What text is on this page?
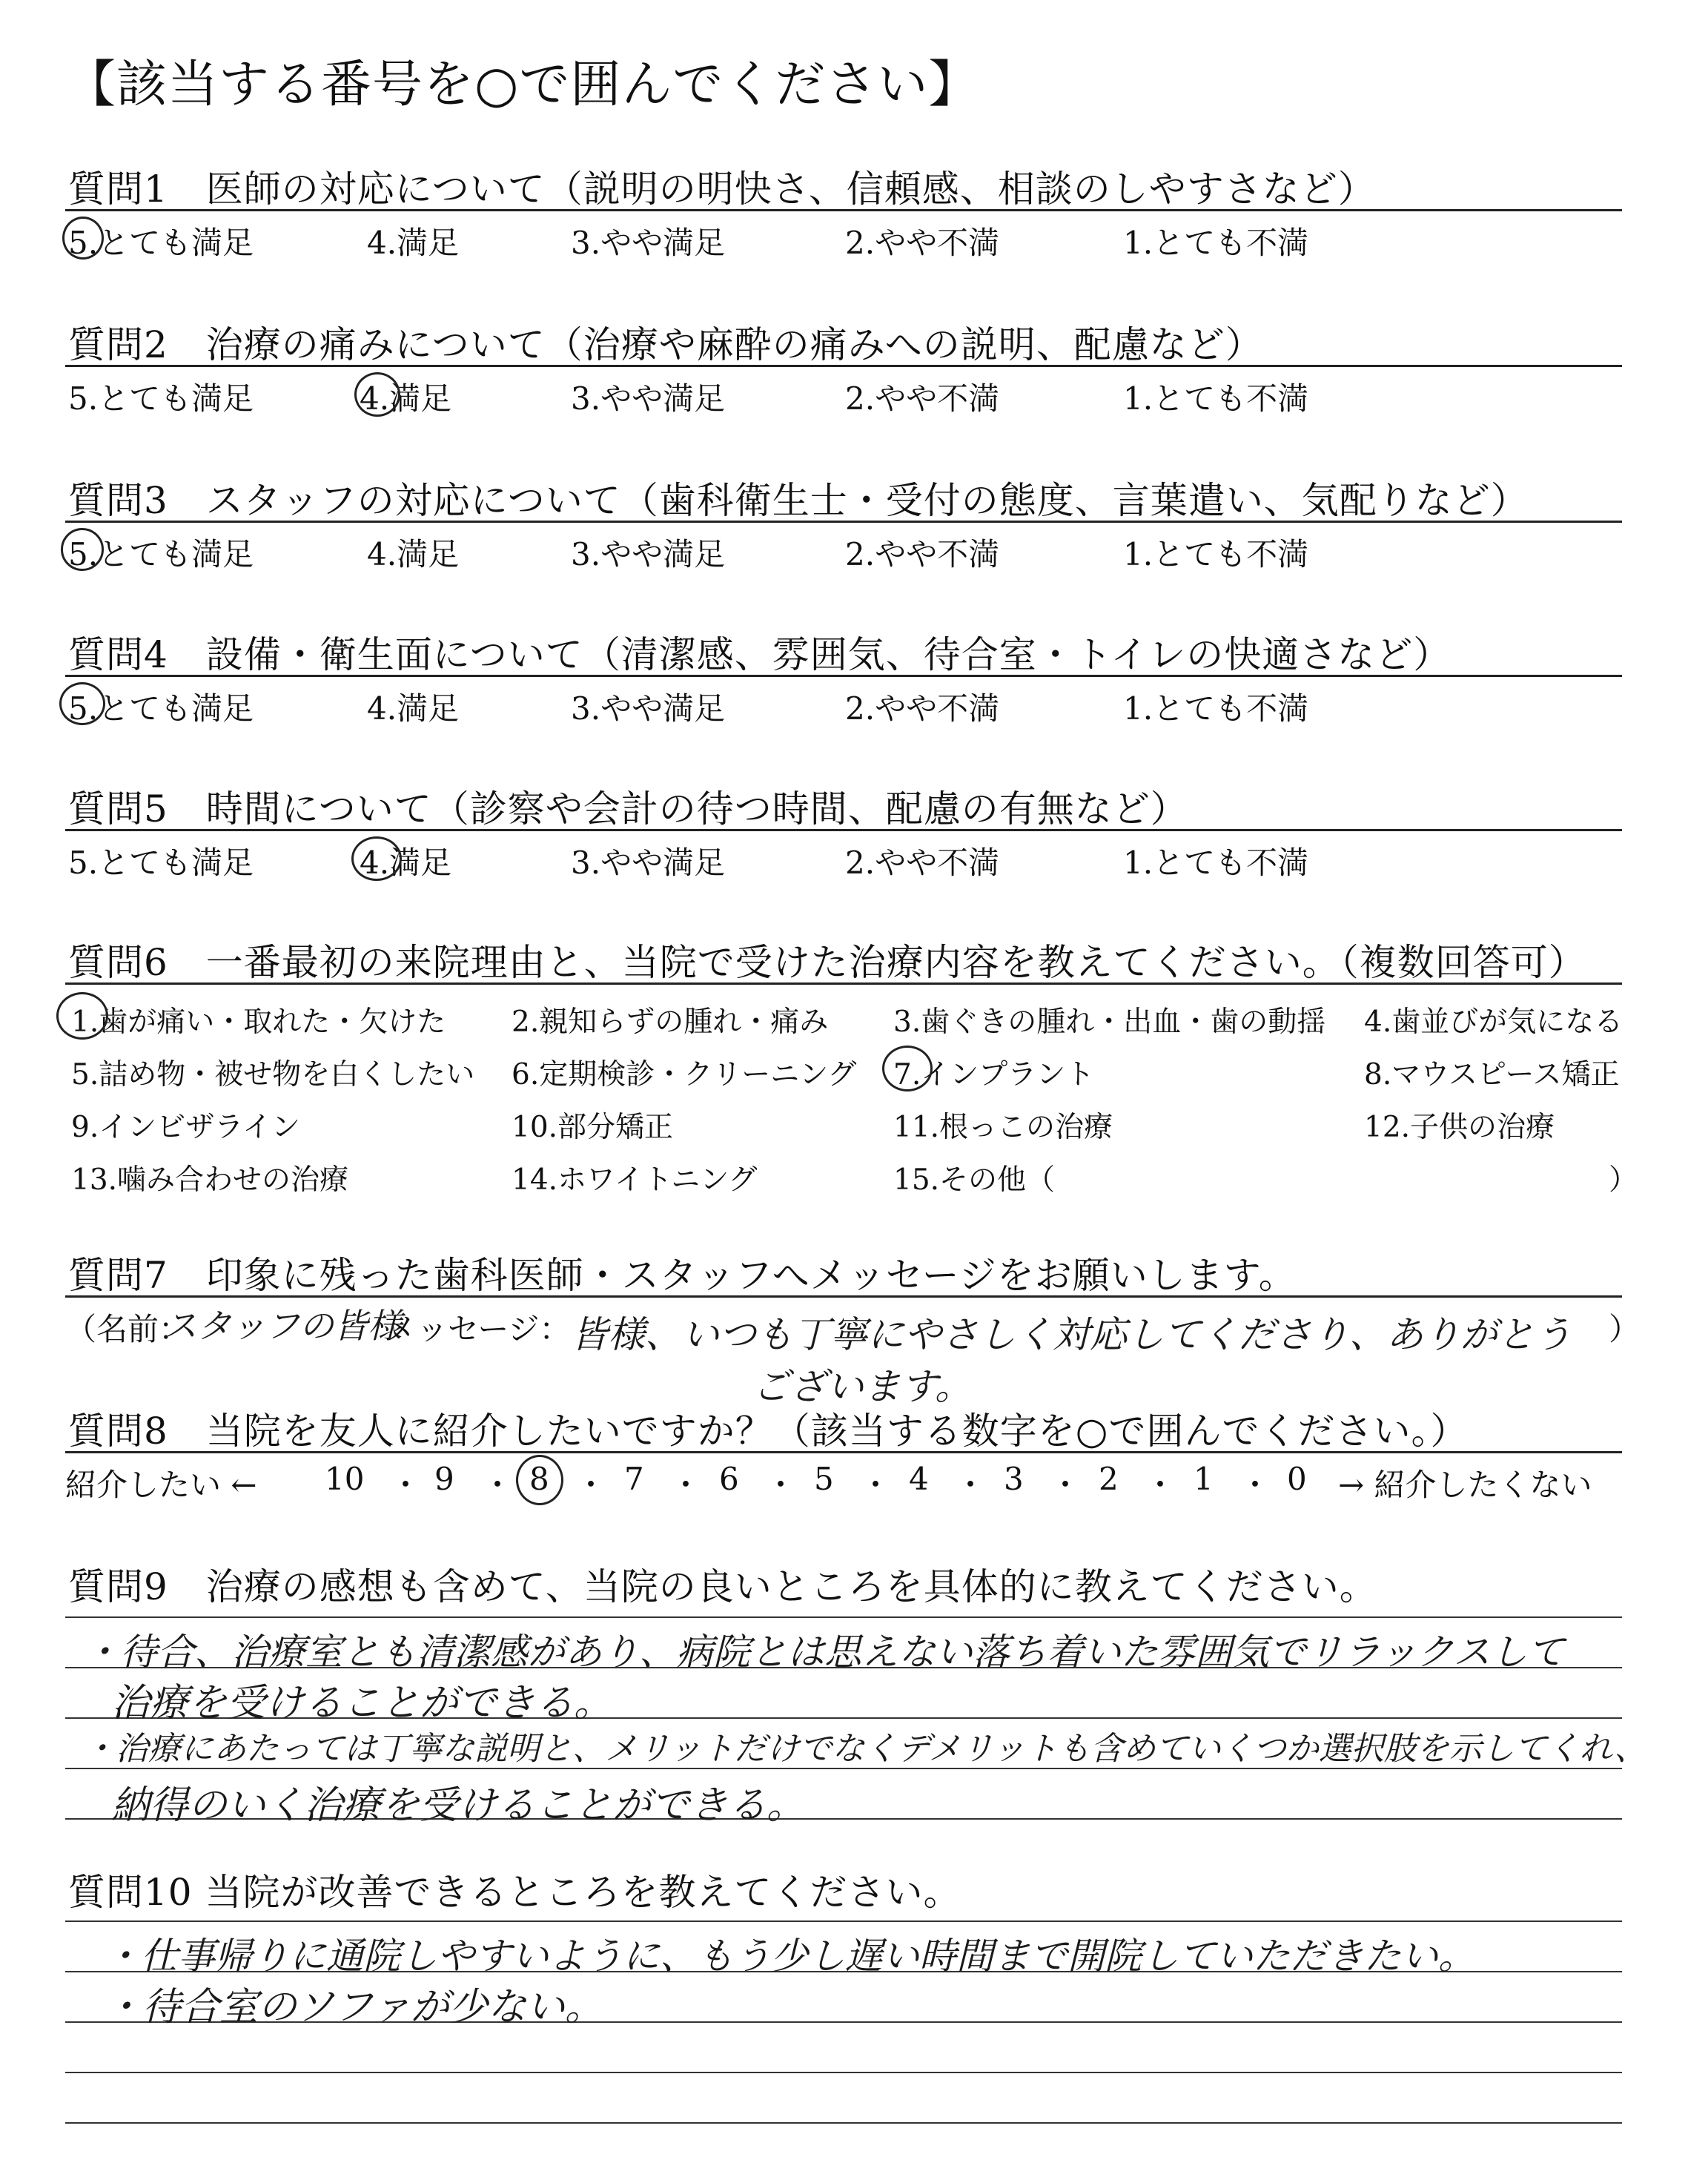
【該当する番号を○で囲んでください】
質問1　医師の対応について（説明の明快さ、信頼感、相談のしやすさなど）
5.とても満足	4.満足	3.やや満足	2.やや不満	1.とても不満
質問2　治療の痛みについて（治療や麻酔の痛みへの説明、配慮など）
5.とても満足	4.満足	3.やや満足	2.やや不満	1.とても不満
質問3　スタッフの対応について（歯科衛生士・受付の態度、言葉遣い、気配りなど）
5.とても満足	4.満足	3.やや満足	2.やや不満	1.とても不満
質問4　設備・衛生面について（清潔感、雰囲気、待合室・トイレの快適さなど）
5.とても満足	4.満足	3.やや満足	2.やや不満	1.とても不満
質問5　時間について（診察や会計の待つ時間、配慮の有無など）
5.とても満足	4.満足	3.やや満足	2.やや不満	1.とても不満
質問6　一番最初の来院理由と、当院で受けた治療内容を教えてください。（複数回答可）
1.歯が痛い・取れた・欠けた 2.親知らずの腫れ・痛み 3.歯ぐきの腫れ・出血・歯の動揺 4.歯並びが気になる
5.詰め物・被せ物を白くしたい 6.定期検診・クリーニング 7.インプラント	8.マウスピース矯正
9.インビザライン	10.部分矯正	11.根っこの治療	12.子供の治療
13.噛み合わせの治療	14.ホワイトニング	15.その他（	）
質問7　印象に残った歯科医師・スタッフへメッセージをお願いします。
（名前：
スタッフの皆様
メッセージ： 皆様、いつも丁寧にやさしく対応してくださり、ありがとう
ございます。
）
質問8　当院を友人に紹介したいですか？（該当する数字を○で囲んでください。）
紹介したい ←	→ 紹介したくない
10 ・ 9 ・ 8 ・ 7 ・ 6 ・ 5 ・ 4 ・ 3 ・ 2 ・ 1 ・ 0
質問9　治療の感想も含めて、当院の良いところを具体的に教えてください。
・待合、治療室とも清潔感があり、病院とは思えない落ち着いた雰囲気でリラックスして
治療を受けることができる。
・治療にあたっては丁寧な説明と、メリットだけでなくデメリットも含めていくつか選択肢を示してくれ、
納得のいく治療を受けることができる。
質問10 当院が改善できるところを教えてください。
・仕事帰りに通院しやすいように、もう少し遅い時間まで開院していただきたい。
・待合室のソファが少ない。
